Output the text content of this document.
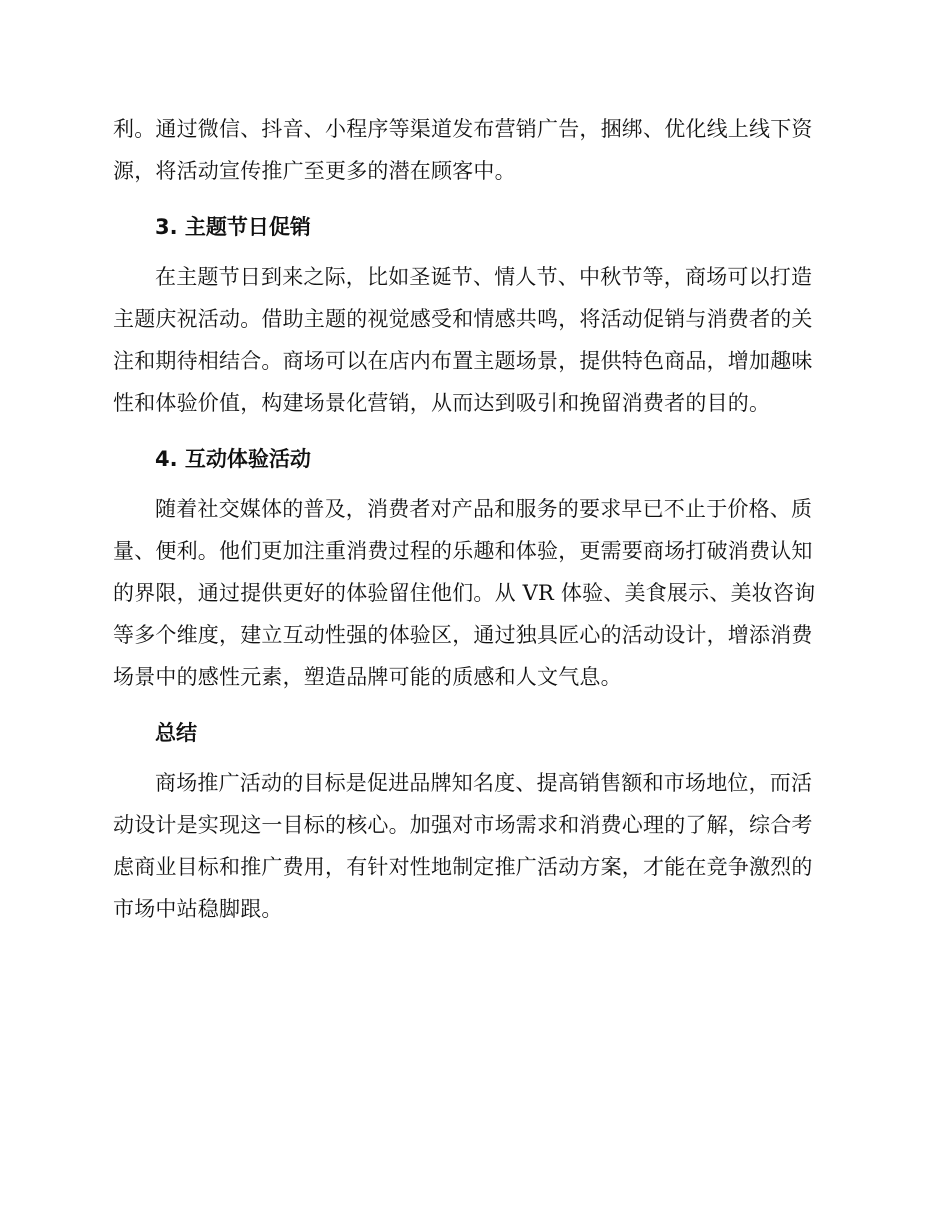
利。通过微信、抖音、小程序等渠道发布营销广告，捆绑、优化线上线下资源，将活动宣传推广至更多的潜在顾客中。

3. 主题节日促销

在主题节日到来之际，比如圣诞节、情人节、中秋节等，商场可以打造主题庆祝活动。借助主题的视觉感受和情感共鸣，将活动促销与消费者的关注和期待相结合。商场可以在店内布置主题场景，提供特色商品，增加趣味性和体验价值，构建场景化营销，从而达到吸引和挽留消费者的目的。

4. 互动体验活动

随着社交媒体的普及，消费者对产品和服务的要求早已不止于价格、质量、便利。他们更加注重消费过程的乐趣和体验，更需要商场打破消费认知的界限，通过提供更好的体验留住他们。从 VR 体验、美食展示、美妆咨询等多个维度，建立互动性强的体验区，通过独具匠心的活动设计，增添消费场景中的感性元素，塑造品牌可能的质感和人文气息。

总结

商场推广活动的目标是促进品牌知名度、提高销售额和市场地位，而活动设计是实现这一目标的核心。加强对市场需求和消费心理的了解，综合考虑商业目标和推广费用，有针对性地制定推广活动方案，才能在竞争激烈的市场中站稳脚跟。
